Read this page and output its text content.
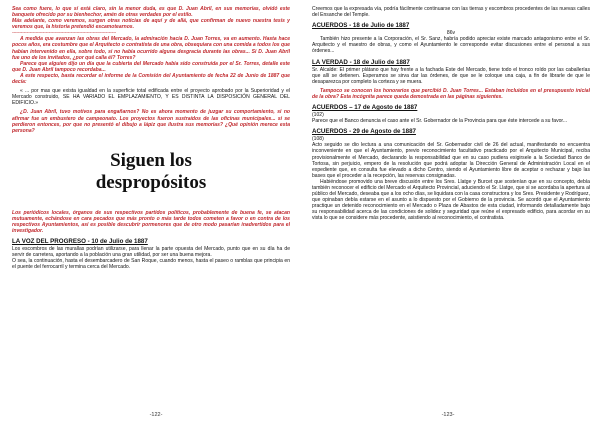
Sea como fuere, lo que sí está claro, sin la menor duda, es que D. Juan Abril, en sus memorias, olvidó este banquete ofrecido por su bienhechor, amén de otras verdades por el estilo.

Más adelante, como veremos, surgen otras noticias de aquí y de allá, que confirman de nuevo nuestra tesis y veremos que, la historia pretendió escamotearnos.

-----------------------------------------------------------------------

A medida que avanzan las obras del Mercado, la admiración hacia D. Juan Torres, va en aumento. Hasta hace pocos años, era costumbre que el Arquitecto o contratista de una obra, obsequiara con una comida a todos los que habían intervenido en ella, sobre todo, si no había ocurrido alguna desgracia durante las obras... Si D. Juan Abril fue uno de los invitados, ¿por qué calla él? Torres?

Parece que alguien dijo un día que la cubierta del Mercado había sido construida por el Sr. Torres, detalle este que D. Juan Abril tampoco recordaba...

A este respecto, basta recordar el informe de la Comisión del Ayuntamiento de fecha 22 de Junio de 1887 que decía:

« ... por mas que exista igualdad en la superficie total edificada entre el proyecto aprobado por la Superioridad y el Mercado construido, SE HA VARIADO EL EMPLAZAMIENTO, Y ES DISTINTA LA DISPOSICIÓN GENERAL DEL EDIFICIO.»

¿D. Juan Abril, tuvo motivos para engañarnos? No es ahora momento de juzgar su comportamiento, si no afirmar fue un embustero de campeonato. Los proyectos fueron sustraídos de las oficinas municipales... si se perdieron entonces, por que no presentó el dibujo a lápiz que ilustra sus memorias? ¿Qué opinión merece esta persona?

Siguen los
despropósitos

Los periódicos locales, órganos de sus respectivos partidos políticos, probablemente de buena fe, se atacan mutuamente, echándose en cara pecados que más pronto o más tarde todos cometen a favor o en contra de los respectivos Ayuntamientos, así es posible descubrir pormenores que de otro modo pasarían inadvertidos para el investigador.

LA VOZ DEL PROGRESO - 10 de Julio de 1887

Los escombros de las murallas podrían utilizarse, para llenar la parte opuesta del Mercado, punto que en su día ha de servir de carretera, aportando a la población una gran utilidad, por ser una buena mejora.

O sea, la continuación, hasta el desembarcadero de San Roque, cuando menos, hasta el paseo o ramblas que principia en el puente del ferrocarril y termina cerca del Mercado.

-122-

Creemos que la expresada vía, podría fácilmente continuarse con las tierras y escombros procedentes de las nuevas calles del Ensanche del Temple.

ACUERDOS - 18 de Julio de 1887

86v

También hizo presente a la Corporación, el Sr. Sanz, habría podido apreciar existe marcado antagonismo entre el Sr. Arquitecto y el maestro de obras, y como el Ayuntamiento le corresponde evitar discusiones entre el personal a sus órdenes...

LA VERDAD - 18 de Julio de 1887

Sr. Alcalde: El primer plátano que hay frente a la fachada Este del Mercado, tiene todo el tronco roído por las caballerías que allí se detienen. Esperamos se sirva dar las órdenes, de que se le coloque una caja, a fin de librarle de que le desaparezca por completo la corteza y se muera.

Tampoco se conocen los honorarios que percibió D. Juan Torres... Estaban incluidos en el presupuesto inicial de la obra? Esta incógnita parece queda demostrada en las páginas siguientes.

ACUERDOS – 17 de Agosto de 1887

(102)

Parece que el Banco denuncia el caso ante el Sr. Gobernador de la Provincia para que éste intercede a su favor...

ACUERDOS - 29 de Agosto de 1887

(108)

Acto seguido se dio lectura a una comunicación del Sr. Gobernador civil de 26 del actual, manifestando no encuentra inconveniente en que el Ayuntamiento, previo reconocimiento facultativo practicado por el Arquitecto Municipal, reciba provisionalmente el Mercado, declarando la responsabilidad que en su caso pudiera exigirsele a la Sociedad Banco de Tortosa, sin perjuicio, empero de la resolución que podrá adoptar la Dirección General de Administración Local en el expediente que, en consulta fue elevado a dicho Centro, siendo el Ayuntamiento libre de aceptar o rechazar y bajo las bases que el proceder a la recepción, las reservas consignadas.

Habiéndose promovido una breve discusión entre los Sres. Llatge y Burcet que sostenían que en su concepto, debía también reconocer el edificio del Mercado el Arquitecto Provincial, aduciendo el Sr. Llatge, que si se acordaba la apertura al público del Mercado, deseaba que a los ocho días, se liquidara con la casa constructora y los Sres. Presidente y Rodríguez, que opinaban debía estarse en el asunto a lo dispuesto por el Gobierno de la provincia. Se acordó que el Ayuntamiento practique un detenido reconocimiento en el Mercado o Plaza de Abastos de esta ciudad, informando detalladamente bajo su responsabilidad acerca de las condiciones de solidez y seguridad que reúne el expresado edificio, para acordar en su vista lo que se considere más procedente, asistiendo al reconocimiento, el contratista.

-123-
